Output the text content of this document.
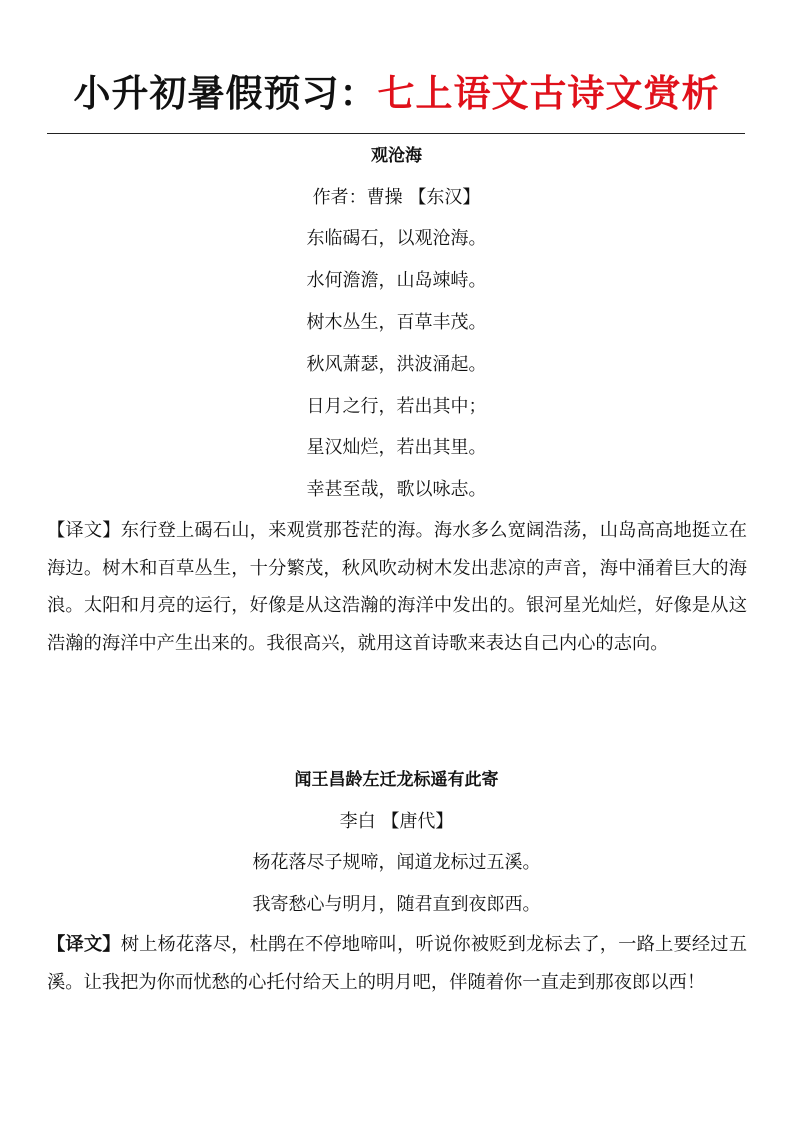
小升初暑假预习：七上语文古诗文赏析
观沧海
作者：曹操 【东汉】
东临碣石，以观沧海。
水何澹澹，山岛竦峙。
树木丛生，百草丰茂。
秋风萧瑟，洪波涌起。
日月之行，若出其中；
星汉灿烂，若出其里。
幸甚至哉，歌以咏志。

【译文】东行登上碣石山，来观赏那苍茫的海。海水多么宽阔浩荡，山岛高高地挺立在海边。树木和百草丛生，十分繁茂，秋风吹动树木发出悲凉的声音，海中涌着巨大的海浪。太阳和月亮的运行，好像是从这浩瀚的海洋中发出的。银河星光灿烂，好像是从这浩瀚的海洋中产生出来的。我很高兴，就用这首诗歌来表达自己内心的志向。

闻王昌龄左迁龙标遥有此寄
李白 【唐代】
杨花落尽子规啼，闻道龙标过五溪。
我寄愁心与明月，随君直到夜郎西。

【译文】树上杨花落尽，杜鹃在不停地啼叫，听说你被贬到龙标去了，一路上要经过五溪。让我把为你而忧愁的心托付给天上的明月吧，伴随着你一直走到那夜郎以西！
